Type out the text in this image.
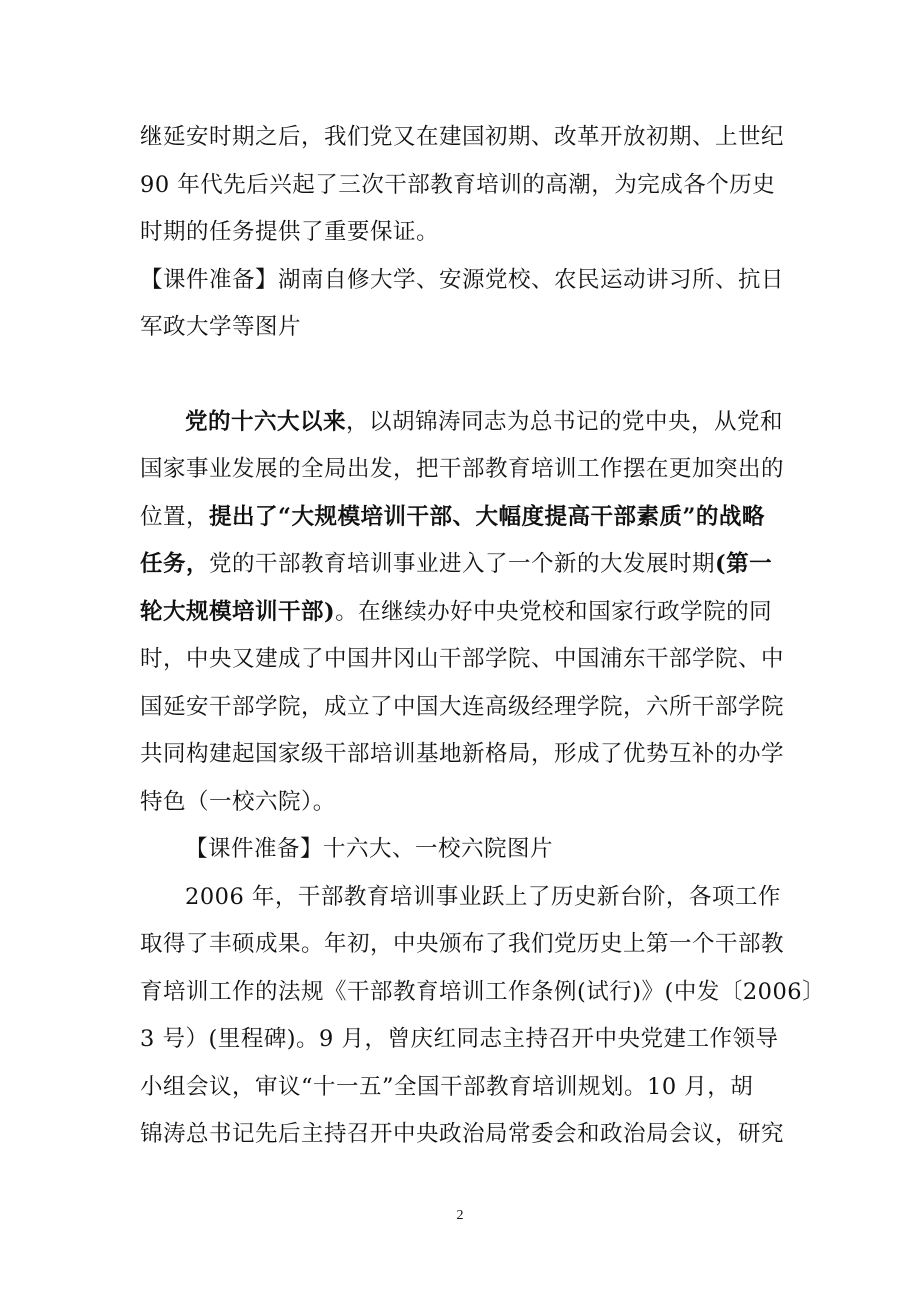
继延安时期之后，我们党又在建国初期、改革开放初期、上世纪
90 年代先后兴起了三次干部教育培训的高潮，为完成各个历史
时期的任务提供了重要保证。

【课件准备】湖南自修大学、安源党校、农民运动讲习所、抗日
军政大学等图片

党的十六大以来，以胡锦涛同志为总书记的党中央，从党和
国家事业发展的全局出发，把干部教育培训工作摆在更加突出的
位置，提出了“大规模培训干部、大幅度提高干部素质”的战略
任务，党的干部教育培训事业进入了一个新的大发展时期(第一
轮大规模培训干部)。在继续办好中央党校和国家行政学院的同
时，中央又建成了中国井冈山干部学院、中国浦东干部学院、中
国延安干部学院，成立了中国大连高级经理学院，六所干部学院
共同构建起国家级干部培训基地新格局，形成了优势互补的办学
特色（一校六院）。

【课件准备】十六大、一校六院图片

2006 年，干部教育培训事业跃上了历史新台阶，各项工作
取得了丰硕成果。年初，中央颁布了我们党历史上第一个干部教
育培训工作的法规《干部教育培训工作条例(试行)》(中发〔2006〕
3 号）(里程碑)。9 月，曾庆红同志主持召开中央党建工作领导
小组会议，审议“十一五”全国干部教育培训规划。10 月，胡
锦涛总书记先后主持召开中央政治局常委会和政治局会议，研究

2
